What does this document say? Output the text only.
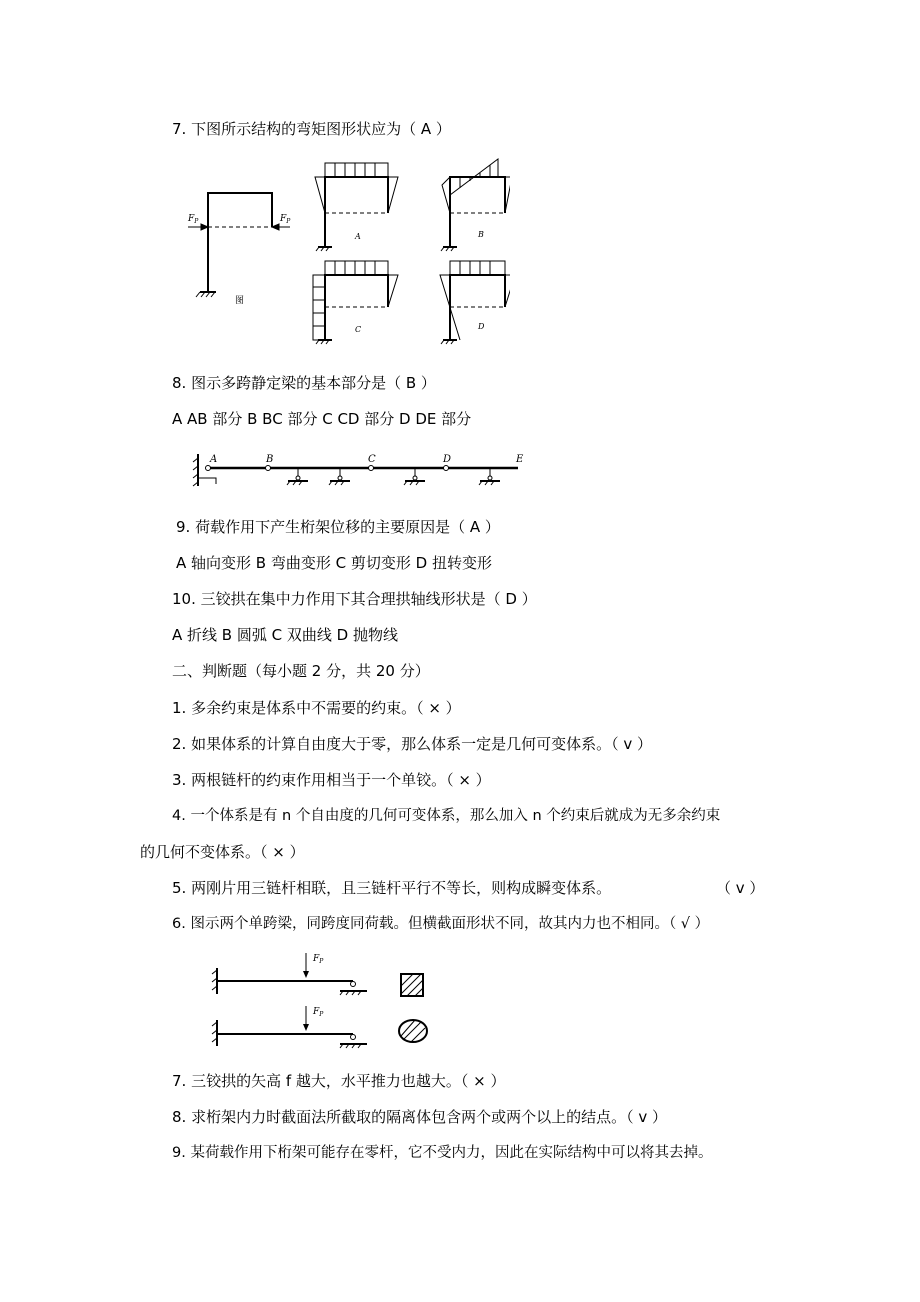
7. 下图所示结构的弯矩图形状应为（ A ）
$F_P$	$F_P$
图
A	B
C	D
8. 图示多跨静定梁的基本部分是（ B ）
A AB 部分 B BC 部分 C CD 部分 D DE 部分
A	B	C	D	E
9. 荷载作用下产生桁架位移的主要原因是（ A ）
A 轴向变形 B 弯曲变形 C 剪切变形 D 扭转变形
10. 三铰拱在集中力作用下其合理拱轴线形状是（ D ）
A 折线 B 圆弧 C 双曲线 D 抛物线
二、判断题（每小题 2 分，共 20 分）
1. 多余约束是体系中不需要的约束。（ × ）
2. 如果体系的计算自由度大于零，那么体系一定是几何可变体系。（ v ）
3. 两根链杆的约束作用相当于一个单铰。（ × ）
4. 一个体系是有 n 个自由度的几何可变体系，那么加入 n 个约束后就成为无多余约束
的几何不变体系。（ × ）
5. 两刚片用三链杆相联，且三链杆平行不等长，则构成瞬变体系。	（ v ）
6. 图示两个单跨梁，同跨度同荷载。但横截面形状不同，故其内力也不相同。（ √ ）
$F_P$
$F_P$
7. 三铰拱的矢高 f 越大，水平推力也越大。（ × ）
8. 求桁架内力时截面法所截取的隔离体包含两个或两个以上的结点。（ v ）
9. 某荷载作用下桁架可能存在零杆，它不受内力，因此在实际结构中可以将其去掉。
